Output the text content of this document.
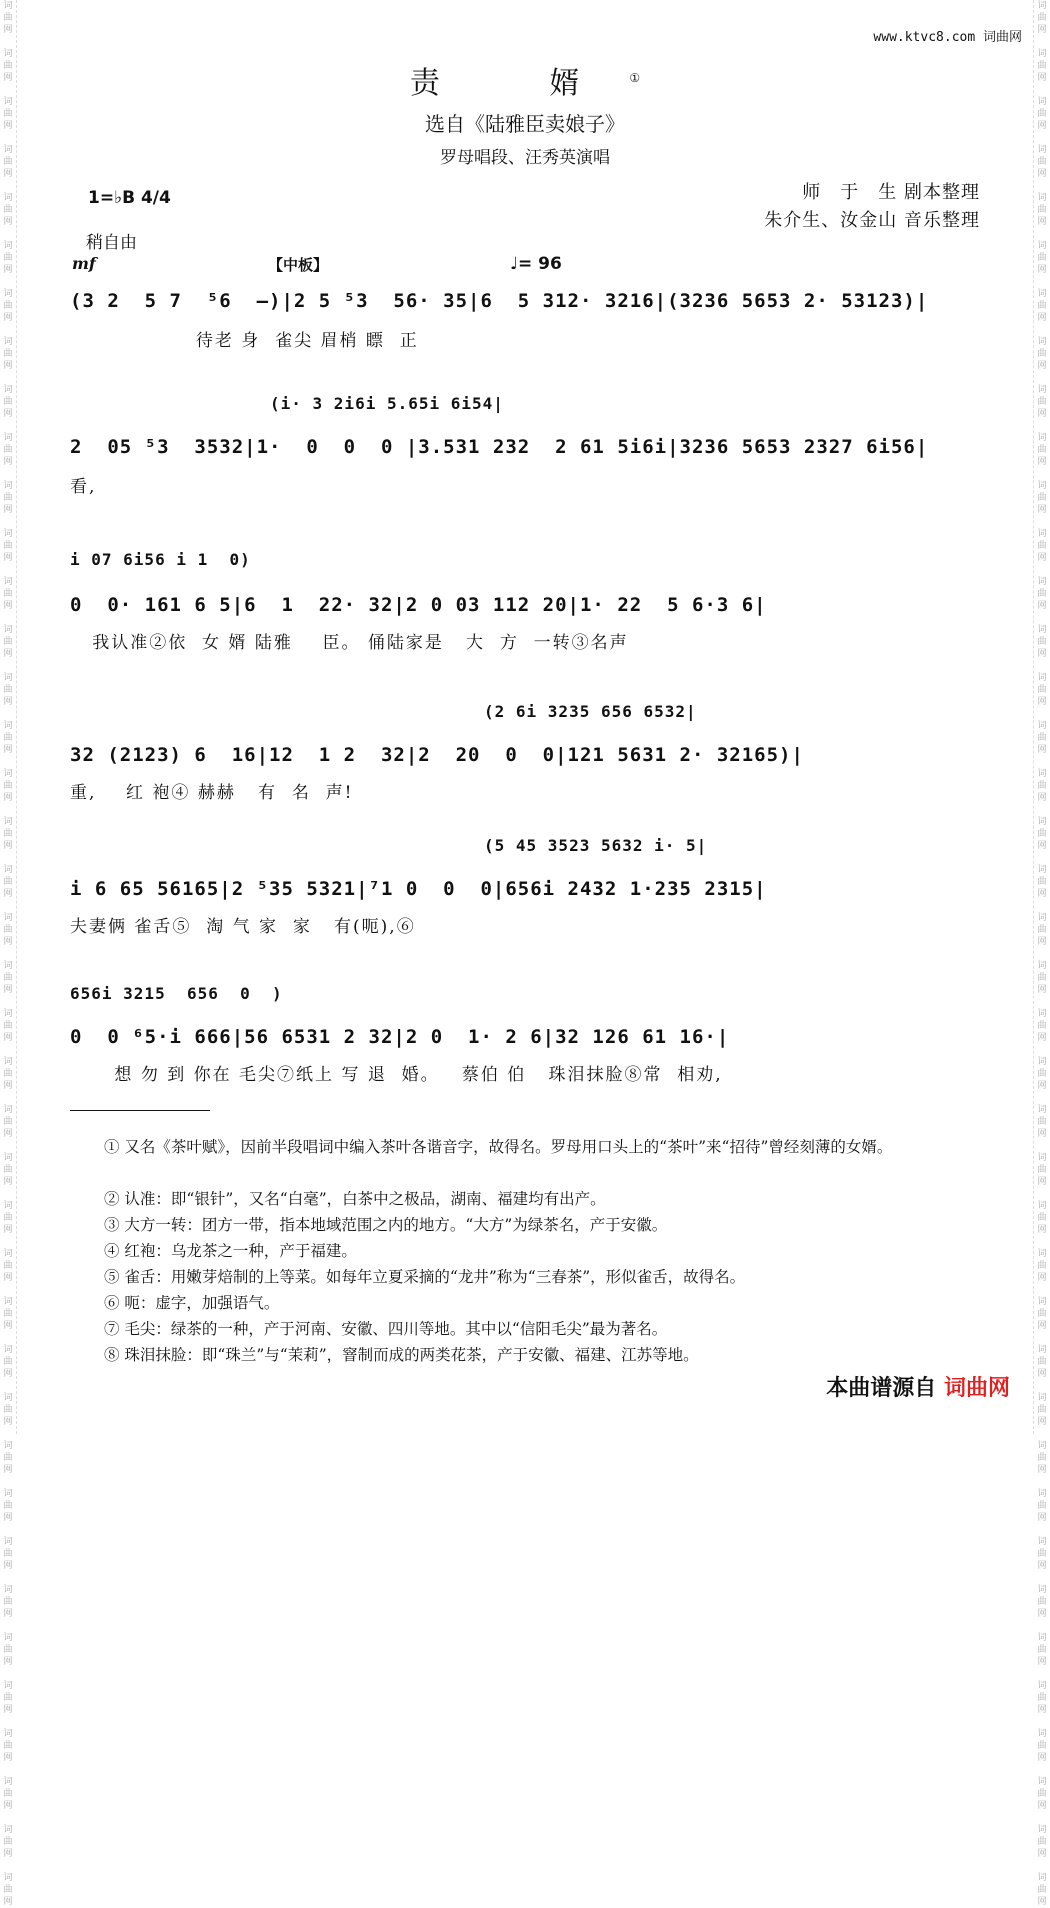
词
曲
网

词
曲
网

词
曲
网

词
曲
网

词
曲
网

词
曲
网

词
曲
网

词
曲
网

词
曲
网

词
曲
网

词
曲
网

词
曲
网

词
曲
网

词
曲
网

词
曲
网

词
曲
网

词
曲
网

词
曲
网

词
曲
网

词
曲
网

词
曲
网

词
曲
网

词
曲
网

词
曲
网

词
曲
网

词
曲
网

词
曲
网

词
曲
网

词
曲
网

词
曲
网

词
曲
网

词
曲
网

词
曲
网

词
曲
网

词
曲
网

词
曲
网

词
曲
网

词
曲
网

词
曲
网

词
曲
网

词
曲
网

词
曲
网

词
曲
网

词
曲
网

词
曲
网

词
曲
网

词
曲
网

词
曲
网

词
曲
网

词
曲
网

词
曲
网

词
曲
网

词
曲
网

词
曲
网

词
曲
网

词
曲
网

词
曲
网

词
曲
网

词
曲
网

词
曲
网

词
曲
网

词
曲
网

词
曲
网

词
曲
网

词
曲
网

词
曲
网

词
曲
网

词
曲
网

词
曲
网

词
曲
网

词
曲
网

词
曲
网

词
曲
网

词
曲
网

词
曲
网

词
曲
网

词
曲
网

词
曲
网

词
曲
网

词
曲
网

www.ktvc8.com 词曲网
责 婿①
选自《陆雅臣卖娘子》
罗母唱段、汪秀英演唱
师　于　生 剧本整理
朱介生、汝金山 音乐整理
1=♭B 4/4
稍自由
mf	【中板】	♩= 96
(3 2  5 7  ⁵6  –)|2 5 ⁵3  56· 35|6  5 312· 3216|(3236 5653 2· 53123)|
待老 身  雀尖 眉梢 瞟  正
(i· 3 2i6i 5.65i 6i54|
2  05 ⁵3  3532|1·  0  0  0 |3.531 232  2 61 5i6i|3236 5653 2327 6i56|
看,
i 07 6i56 i 1  0)
0  0· 161 6 5|6  1  22· 32|2 0 03 112 20|1· 22  5 6·3 6|
我认准②依  女 婿 陆雅    臣。 俑陆家是   大  方  一转③名声
(2 6i 3235 656 6532|
32 (2123) 6  16|12  1 2  32|2  20  0  0|121 5631 2· 32165)|
重,    红 袍④ 赫赫   有  名  声!
(5 45 3523 5632 i· 5|
i 6 65 56165|2 ⁵35 5321|⁷1 0  0  0|656i 2432 1·235 2315|
夫妻俩 雀舌⑤  淘 气 家  家   有(呃),⑥
656i 3215  656  0  )
0  0 ⁶5·i 666|56 6531 2 32|2 0  1· 2 6|32 126 61 16·|
想 勿 到 你在 毛尖⑦纸上 写 退  婚。   蔡伯 伯   珠泪抹脸⑧常  相劝,
① 又名《茶叶赋》，因前半段唱词中编入茶叶各谐音字，故得名。罗母用口头上的“茶叶”来“招待”曾经刻薄的女婿。
② 认准：即“银针”，又名“白毫”，白茶中之极品，湖南、福建均有出产。
③ 大方一转：团方一带，指本地域范围之内的地方。“大方”为绿茶名，产于安徽。
④ 红袍：乌龙茶之一种，产于福建。
⑤ 雀舌：用嫩芽焙制的上等菜。如每年立夏采摘的“龙井”称为“三春茶”，形似雀舌，故得名。
⑥ 呃：虚字，加强语气。
⑦ 毛尖：绿茶的一种，产于河南、安徽、四川等地。其中以“信阳毛尖”最为著名。
⑧ 珠泪抹脸：即“珠兰”与“茉莉”，窨制而成的两类花茶，产于安徽、福建、江苏等地。
本曲谱源自 词曲网
